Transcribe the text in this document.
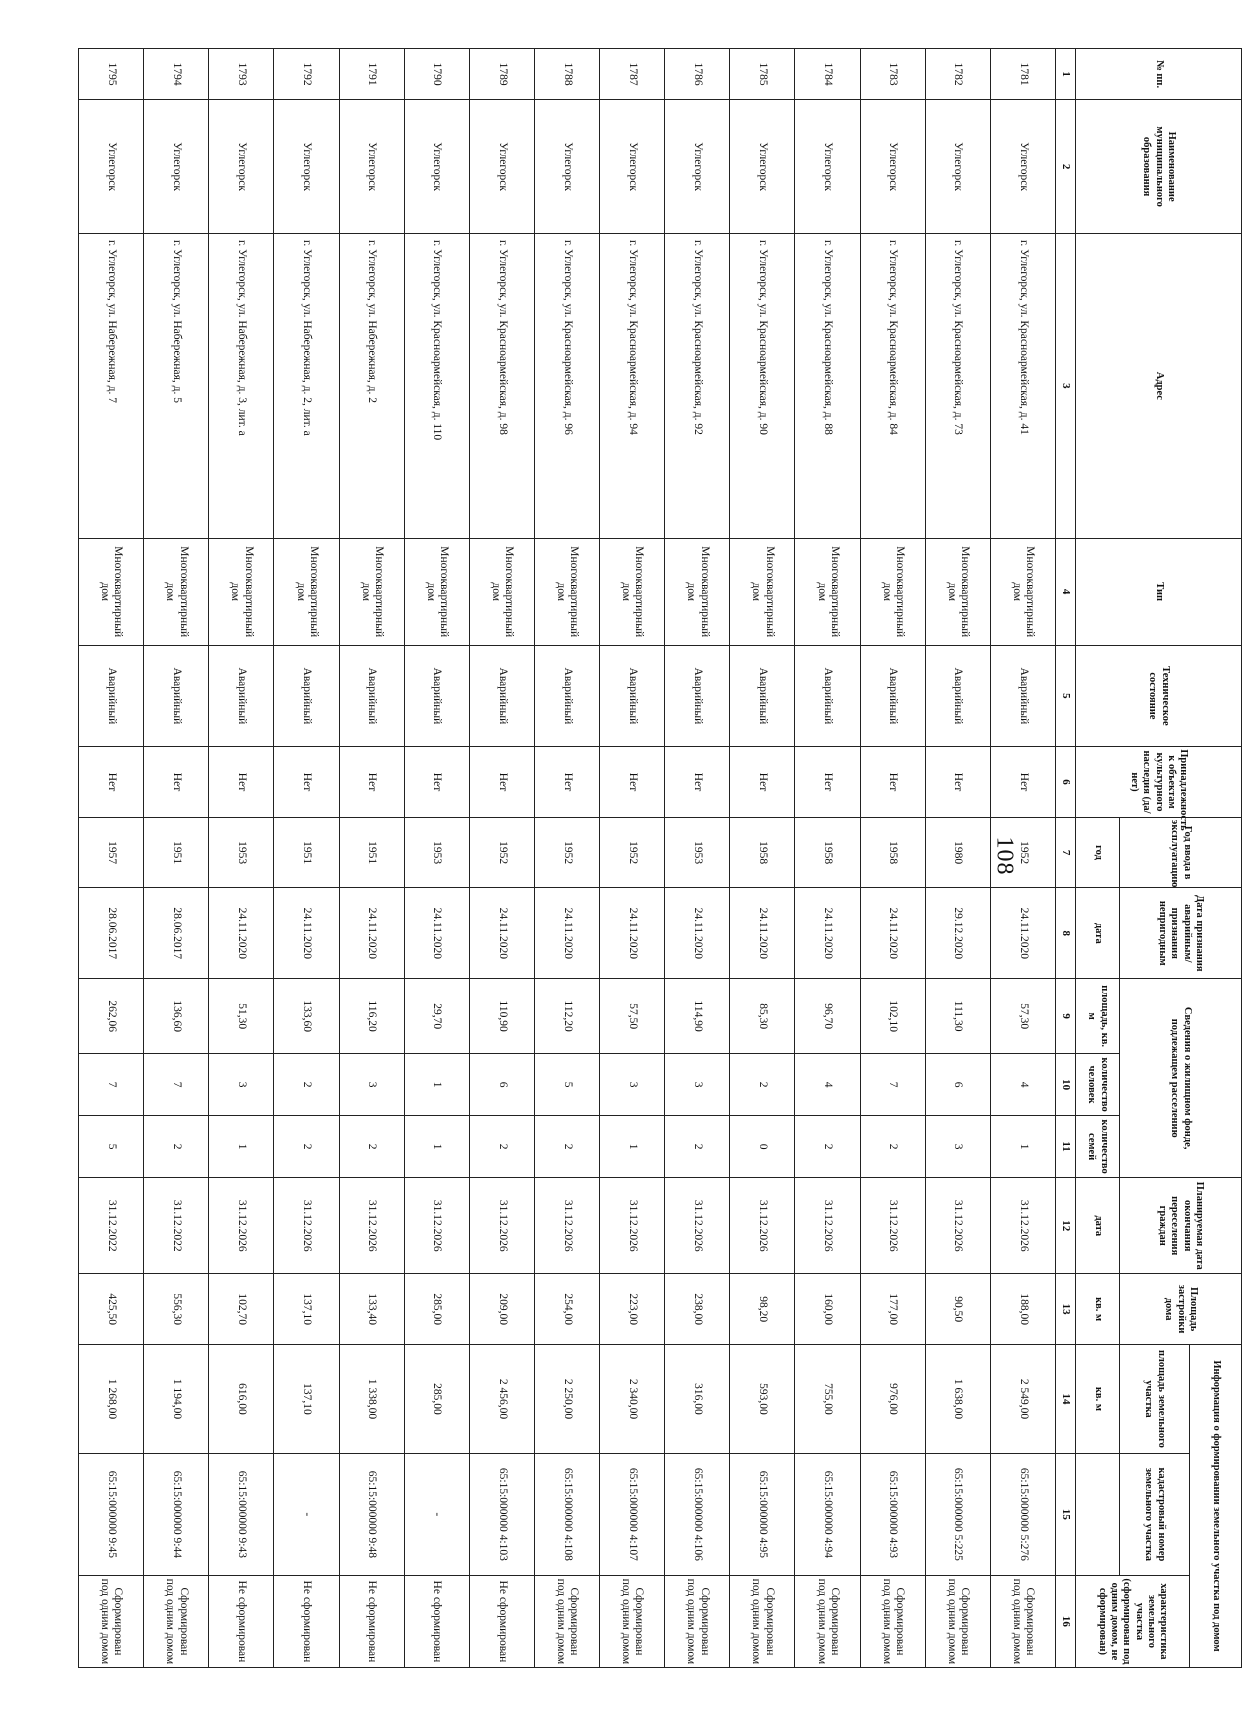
108
№ пп.	Наименование муниципального образования	Адрес	Тип	Техническое состояние	Принадлежность к объектам культурного наследия (да/нет)	Год ввода в эксплуатацию	Дата признания аварийным/признания непригодным	Сведения о жилищном фонде, подлежащем расселению			Планируемая дата окончания переселения граждан	Площадь застройки дома	Информация о формировании земельного участка под домом		
													площадь земельного участка	кадастровый номер земельного участка	характеристика земельного участка (сформирован под одним домом, не сформирован)
						год	дата	площадь, кв. м	количество человек	количество семей	дата	кв. м	кв. м		
1	2	3	4	5	6	7	8	9	10	11	12	13	14	15	16
1781	Углегорск	г. Углегорск, ул. Красноармейская, д. 41	Многоквартирный дом	Аварийный	Нет	1952	24.11.2020	57,30	4	1	31.12.2026	188,00	2 549,00	65:15:000000 5:276	Сформирован под одним домом
1782	Углегорск	г. Углегорск, ул. Красноармейская, д. 73	Многоквартирный дом	Аварийный	Нет	1980	29.12.2020	111,30	6	3	31.12.2026	90,50	1 638,00	65:15:000000 5:225	Сформирован под одним домом
1783	Углегорск	г. Углегорск, ул. Красноармейская, д. 84	Многоквартирный дом	Аварийный	Нет	1958	24.11.2020	102,10	7	2	31.12.2026	177,00	976,00	65:15:000000 4:93	Сформирован под одним домом
1784	Углегорск	г. Углегорск, ул. Красноармейская, д. 88	Многоквартирный дом	Аварийный	Нет	1958	24.11.2020	96,70	4	2	31.12.2026	160,00	755,00	65:15:000000 4:94	Сформирован под одним домом
1785	Углегорск	г. Углегорск, ул. Красноармейская, д. 90	Многоквартирный дом	Аварийный	Нет	1958	24.11.2020	85,30	2	0	31.12.2026	98,20	593,00	65:15:000000 4:95	Сформирован под одним домом
1786	Углегорск	г. Углегорск, ул. Красноармейская, д. 92	Многоквартирный дом	Аварийный	Нет	1953	24.11.2020	114,90	3	2	31.12.2026	238,00	316,00	65:15:000000 4:106	Сформирован под одним домом
1787	Углегорск	г. Углегорск, ул. Красноармейская, д. 94	Многоквартирный дом	Аварийный	Нет	1952	24.11.2020	57,50	3	1	31.12.2026	223,00	2 340,00	65:15:000000 4:107	Сформирован под одним домом
1788	Углегорск	г. Углегорск, ул. Красноармейская, д. 96	Многоквартирный дом	Аварийный	Нет	1952	24.11.2020	112,20	5	2	31.12.2026	254,00	2 250,00	65:15:000000 4:108	Сформирован под одним домом
1789	Углегорск	г. Углегорск, ул. Красноармейская, д. 98	Многоквартирный дом	Аварийный	Нет	1952	24.11.2020	110,90	6	2	31.12.2026	209,00	2 456,00	65:15:000000 4:103	Не сформирован
1790	Углегорск	г. Углегорск, ул. Красноармейская, д. 110	Многоквартирный дом	Аварийный	Нет	1953	24.11.2020	29,70	1	1	31.12.2026	285,00	285,00	-	Не сформирован
1791	Углегорск	г. Углегорск, ул. Набережная, д. 2	Многоквартирный дом	Аварийный	Нет	1951	24.11.2020	116,20	3	2	31.12.2026	133,40	1 338,00	65:15:000000 9:48	Не сформирован
1792	Углегорск	г. Углегорск, ул. Набережная, д. 2, лит. а	Многоквартирный дом	Аварийный	Нет	1951	24.11.2020	133,60	2	2	31.12.2026	137,10	137,10	-	Не сформирован
1793	Углегорск	г. Углегорск, ул. Набережная, д. 3, лит. а	Многоквартирный дом	Аварийный	Нет	1953	24.11.2020	51,30	3	1	31.12.2026	102,70	616,00	65:15:000000 9:43	Не сформирован
1794	Углегорск	г. Углегорск, ул. Набережная, д. 5	Многоквартирный дом	Аварийный	Нет	1951	28.06.2017	136,60	7	2	31.12.2022	556,30	1 194,00	65:15:000000 9:44	Сформирован под одним домом
1795	Углегорск	г. Углегорск, ул. Набережная, д. 7	Многоквартирный дом	Аварийный	Нет	1957	28.06.2017	262,06	7	5	31.12.2022	425,50	1 268,00	65:15:000000 9:45	Сформирован под одним домом
